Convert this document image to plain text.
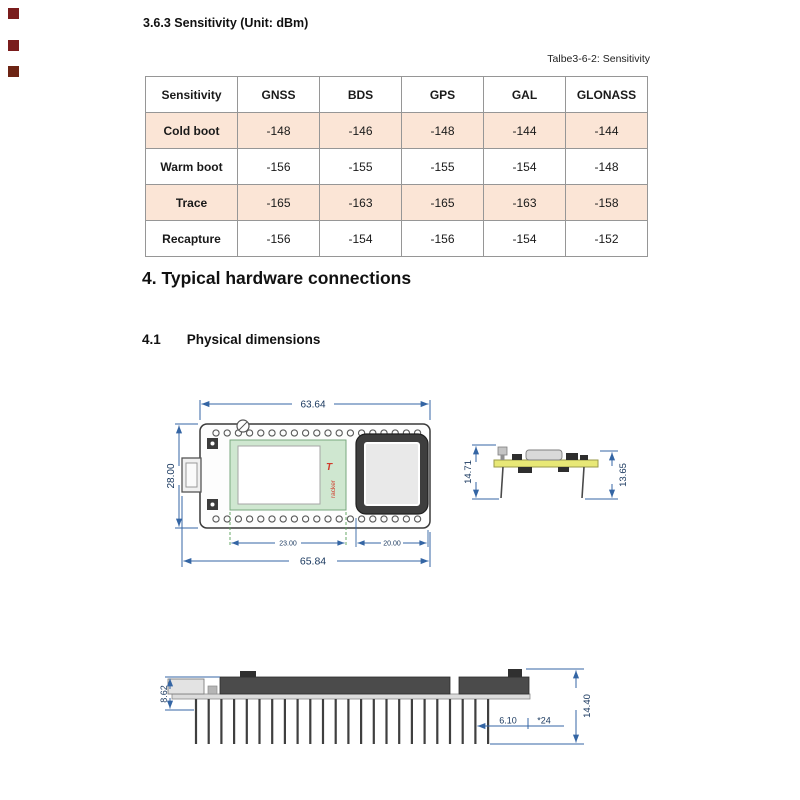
3.6.3 Sensitivity (Unit: dBm)
Talbe3-6-2: Sensitivity
Sensitivity	GNSS	BDS	GPS	GAL	GLONASS
Cold boot	-148	-146	-148	-144	-144
Warm boot	-156	-155	-155	-154	-148
Trace	-165	-163	-165	-163	-158
Recapture	-156	-154	-156	-154	-152
4. Typical hardware connections
4.1 Physical dimensions
T
racker
63.64
28.00
23.00	20.00
65.84
14.71	13.65
8.62
14.40
6.10 *24
